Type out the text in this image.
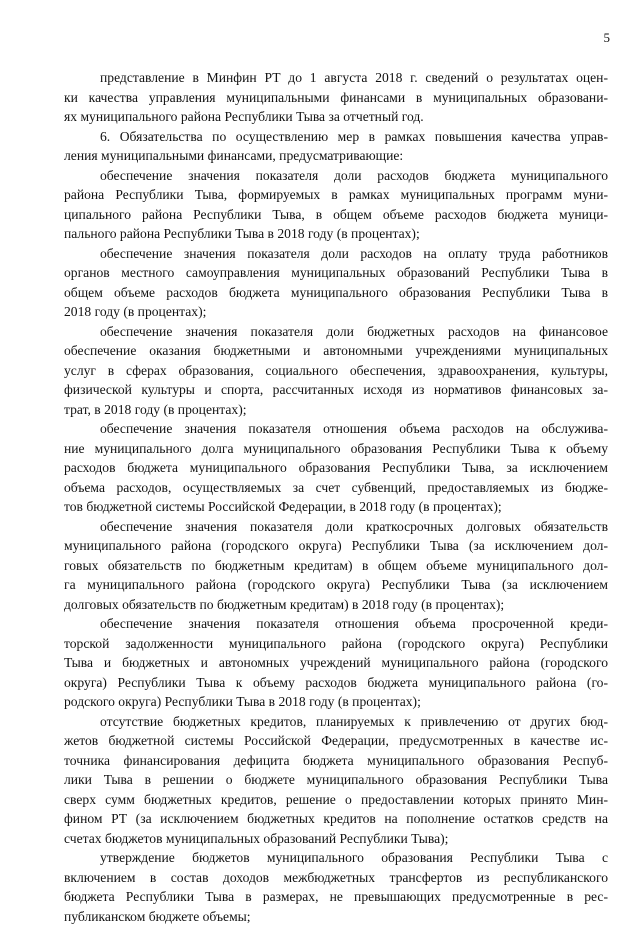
5
представление в Минфин РТ до 1 августа 2018 г. сведений о результатах оцен-
ки качества управления муниципальными финансами в муниципальных образовани-
ях муниципального района Республики Тыва за отчетный год.
6. Обязательства по осуществлению мер в рамках повышения качества управ-
ления муниципальными финансами, предусматривающие:
обеспечение значения показателя доли расходов бюджета муниципального
района Республики Тыва, формируемых в рамках муниципальных программ муни-
ципального района Республики Тыва, в общем объеме расходов бюджета муници-
пального района Республики Тыва в 2018 году (в процентах);
обеспечение значения показателя доли расходов на оплату труда работников
органов местного самоуправления муниципальных образований Республики Тыва в
общем объеме расходов бюджета муниципального образования Республики Тыва в
2018 году (в процентах);
обеспечение значения показателя доли бюджетных расходов на финансовое
обеспечение оказания бюджетными и автономными учреждениями муниципальных
услуг в сферах образования, социального обеспечения, здравоохранения, культуры,
физической культуры и спорта, рассчитанных исходя из нормативов финансовых за-
трат, в 2018 году (в процентах);
обеспечение значения показателя отношения объема расходов на обслужива-
ние муниципального долга муниципального образования Республики Тыва к объему
расходов бюджета муниципального образования Республики Тыва, за исключением
объема расходов, осуществляемых за счет субвенций, предоставляемых из бюдже-
тов бюджетной системы Российской Федерации, в 2018 году (в процентах);
обеспечение значения показателя доли краткосрочных долговых обязательств
муниципального района (городского округа) Республики Тыва (за исключением дол-
говых обязательств по бюджетным кредитам) в общем объеме муниципального дол-
га муниципального района (городского округа) Республики Тыва (за исключением
долговых обязательств по бюджетным кредитам) в 2018 году (в процентах);
обеспечение значения показателя отношения объема просроченной креди-
торской задолженности муниципального района (городского округа) Республики
Тыва и бюджетных и автономных учреждений муниципального района (городского
округа) Республики Тыва к объему расходов бюджета муниципального района (го-
родского округа) Республики Тыва в 2018 году (в процентах);
отсутствие бюджетных кредитов, планируемых к привлечению от других бюд-
жетов бюджетной системы Российской Федерации, предусмотренных в качестве ис-
точника финансирования дефицита бюджета муниципального образования Респуб-
лики Тыва в решении о бюджете муниципального образования Республики Тыва
сверх сумм бюджетных кредитов, решение о предоставлении которых принято Мин-
фином РТ (за исключением бюджетных кредитов на пополнение остатков средств на
счетах бюджетов муниципальных образований Республики Тыва);
утверждение бюджетов муниципального образования Республики Тыва с
включением в состав доходов межбюджетных трансфертов из республиканского
бюджета Республики Тыва в размерах, не превышающих предусмотренные в рес-
публиканском бюджете объемы;
